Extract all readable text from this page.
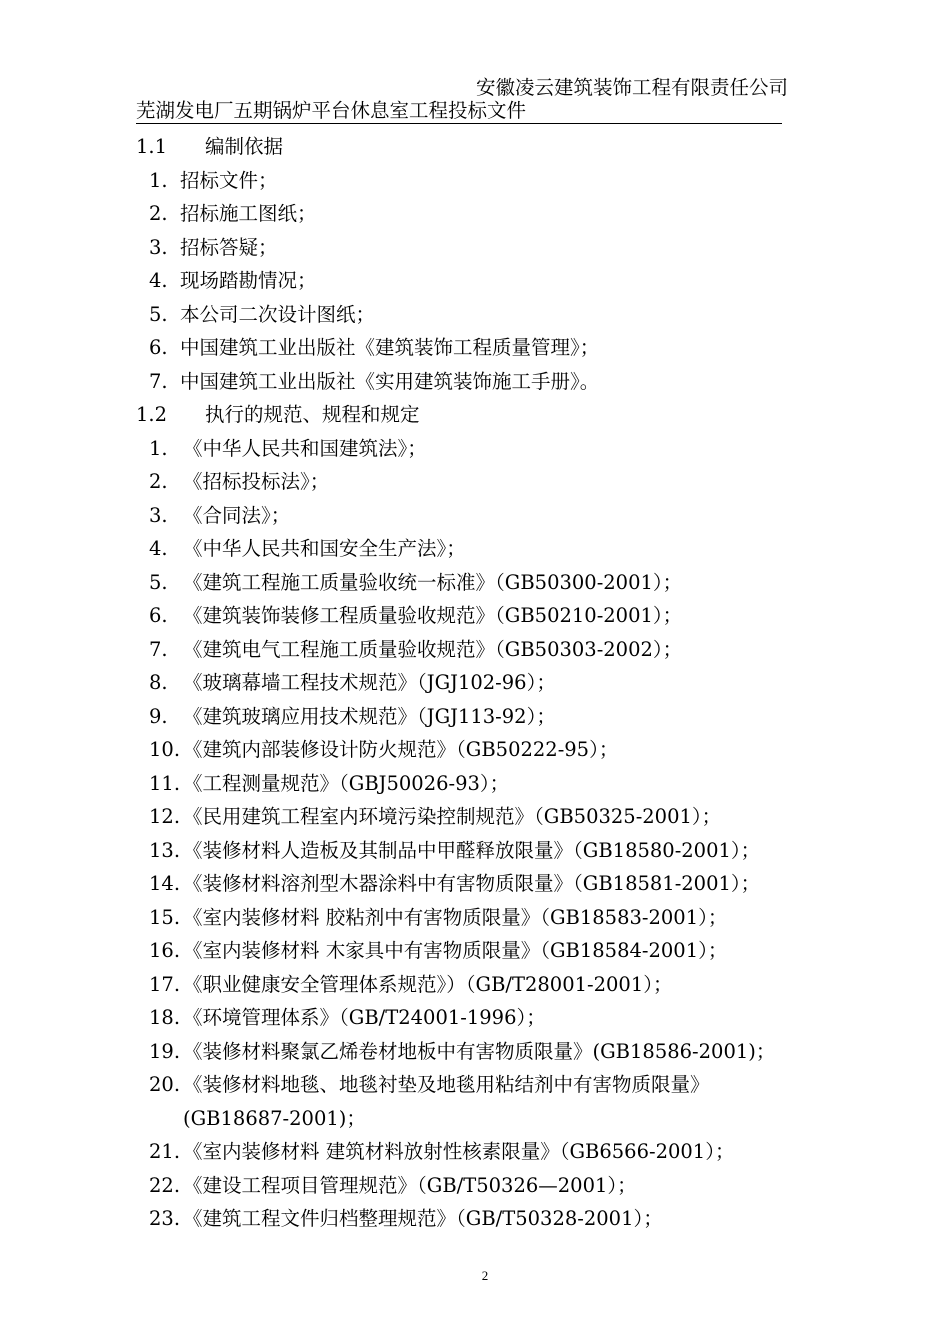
安徽凌云建筑装饰工程有限责任公司
芜湖发电厂五期锅炉平台休息室工程投标文件
1.1 编制依据
1. 招标文件；
2. 招标施工图纸；
3. 招标答疑；
4. 现场踏勘情况；
5. 本公司二次设计图纸；
6. 中国建筑工业出版社《建筑装饰工程质量管理》；
7. 中国建筑工业出版社《实用建筑装饰施工手册》。
1.2 执行的规范、规程和规定
1. 《中华人民共和国建筑法》；
2. 《招标投标法》；
3. 《合同法》；
4. 《中华人民共和国安全生产法》；
5. 《建筑工程施工质量验收统一标准》（GB50300-2001）；
6. 《建筑装饰装修工程质量验收规范》（GB50210-2001）；
7. 《建筑电气工程施工质量验收规范》（GB50303-2002）；
8. 《玻璃幕墙工程技术规范》（JGJ102-96）；
9. 《建筑玻璃应用技术规范》（JGJ113-92）；
10. 《建筑内部装修设计防火规范》（GB50222-95）；
11. 《工程测量规范》（GBJ50026-93）；
12. 《民用建筑工程室内环境污染控制规范》（GB50325-2001）；
13. 《装修材料人造板及其制品中甲醛释放限量》（GB18580-2001）；
14. 《装修材料溶剂型木器涂料中有害物质限量》（GB18581-2001）；
15. 《室内装修材料 胶粘剂中有害物质限量》（GB18583-2001）；
16. 《室内装修材料 木家具中有害物质限量》（GB18584-2001）；
17. 《职业健康安全管理体系规范》）（GB/T28001-2001）；
18. 《环境管理体系》（GB/T24001-1996）；
19. 《装修材料聚氯乙烯卷材地板中有害物质限量》(GB18586-2001)；
20. 《装修材料地毯、地毯衬垫及地毯用粘结剂中有害物质限量》
(GB18687-2001)；
21. 《室内装修材料 建筑材料放射性核素限量》（GB6566-2001）；
22. 《建设工程项目管理规范》（GB/T50326—2001）；
23. 《建筑工程文件归档整理规范》（GB/T50328-2001）；
2
